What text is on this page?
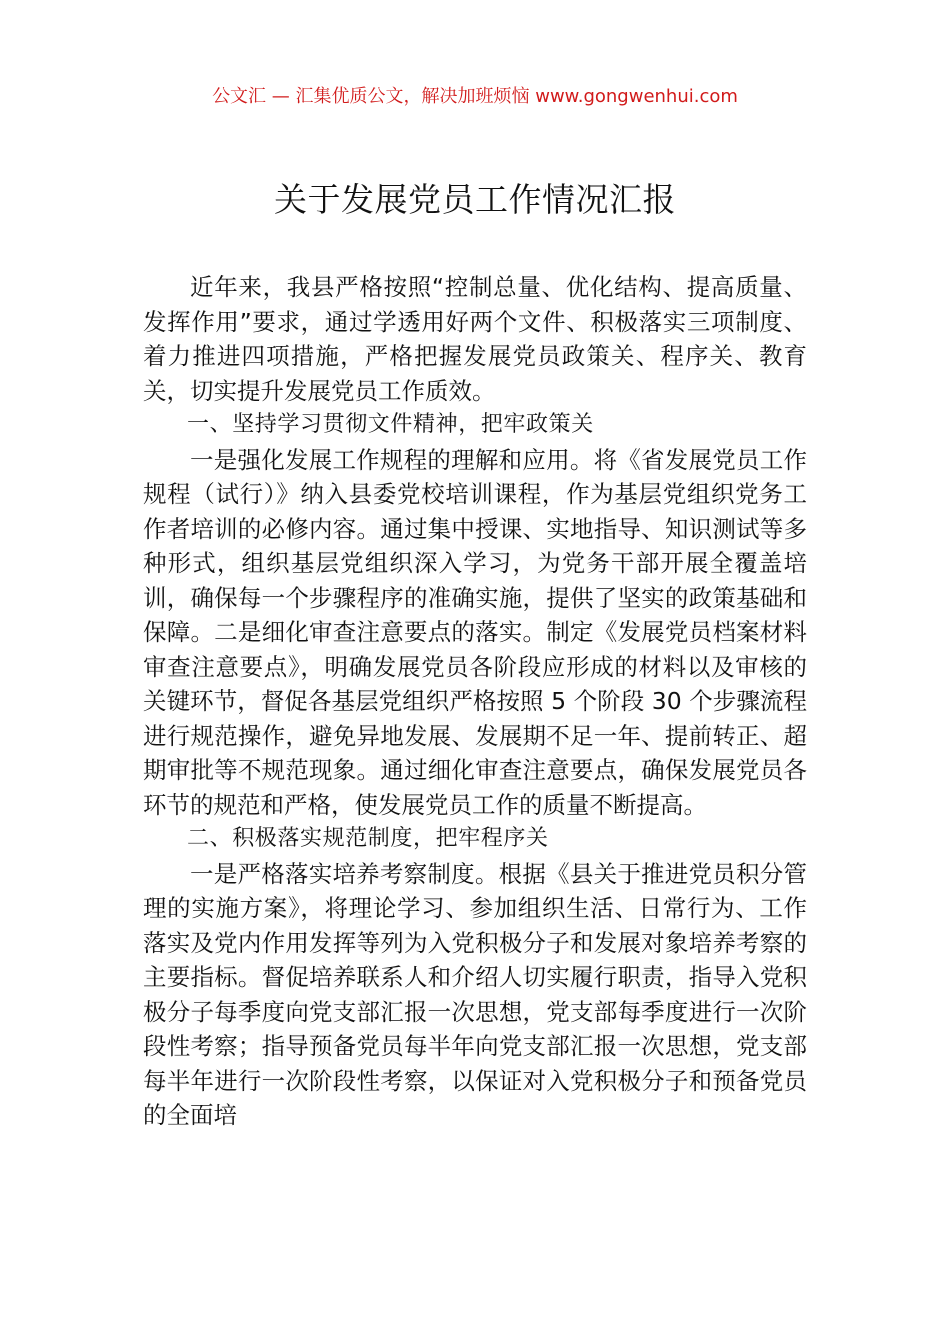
公文汇 — 汇集优质公文，解决加班烦恼 www.gongwenhui.com
关于发展党员工作情况汇报

近年来，我县严格按照“控制总量、优化结构、提高质量、发挥作用”要求，通过学透用好两个文件、积极落实三项制度、着力推进四项措施，严格把握发展党员政策关、程序关、教育关，切实提升发展党员工作质效。

一、坚持学习贯彻文件精神，把牢政策关

一是强化发展工作规程的理解和应用。将《省发展党员工作规程（试行）》纳入县委党校培训课程，作为基层党组织党务工作者培训的必修内容。通过集中授课、实地指导、知识测试等多种形式，组织基层党组织深入学习，为党务干部开展全覆盖培训，确保每一个步骤程序的准确实施，提供了坚实的政策基础和保障。二是细化审查注意要点的落实。制定《发展党员档案材料审查注意要点》，明确发展党员各阶段应形成的材料以及审核的关键环节，督促各基层党组织严格按照 5 个阶段 30 个步骤流程进行规范操作，避免异地发展、发展期不足一年、提前转正、超期审批等不规范现象。通过细化审查注意要点，确保发展党员各环节的规范和严格，使发展党员工作的质量不断提高。

二、积极落实规范制度，把牢程序关

一是严格落实培养考察制度。根据《县关于推进党员积分管理的实施方案》，将理论学习、参加组织生活、日常行为、工作落实及党内作用发挥等列为入党积极分子和发展对象培养考察的主要指标。督促培养联系人和介绍人切实履行职责，指导入党积极分子每季度向党支部汇报一次思想，党支部每季度进行一次阶段性考察；指导预备党员每半年向党支部汇报一次思想，党支部每半年进行一次阶段性考察，以保证对入党积极分子和预备党员的全面培
